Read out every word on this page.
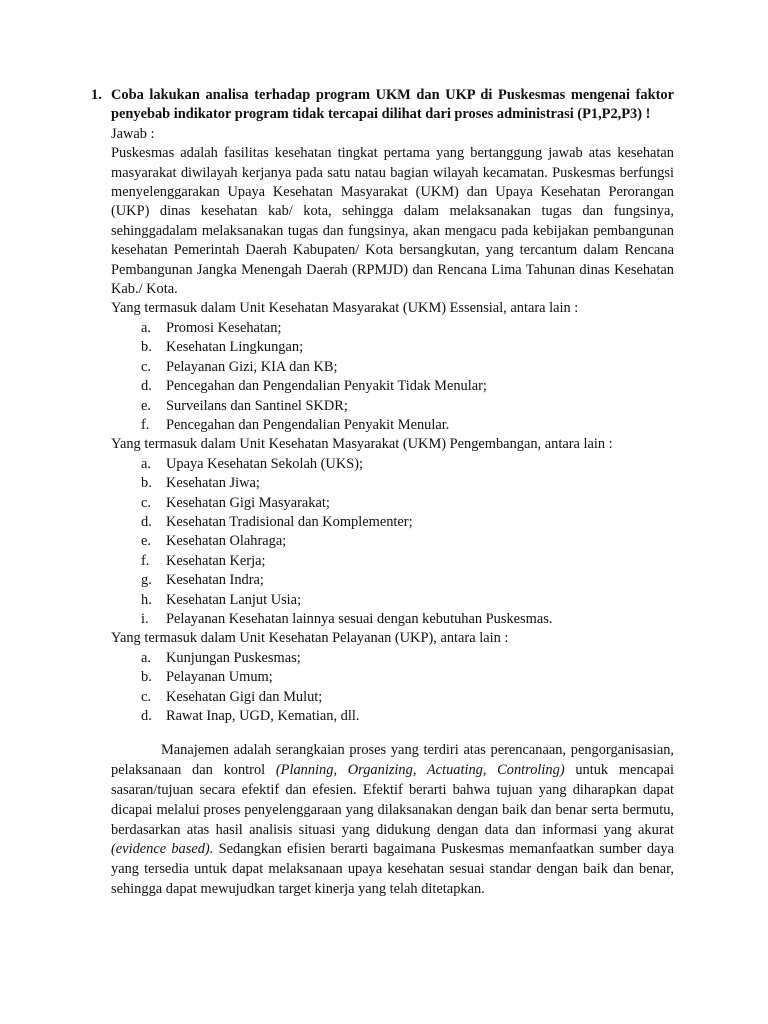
1. Coba lakukan analisa terhadap program UKM dan UKP di Puskesmas mengenai faktor penyebab indikator program tidak tercapai dilihat dari proses administrasi (P1,P2,P3) !

Jawab :

Puskesmas adalah fasilitas kesehatan tingkat pertama yang bertanggung jawab atas kesehatan masyarakat diwilayah kerjanya pada satu natau bagian wilayah kecamatan. Puskesmas berfungsi menyelenggarakan Upaya Kesehatan Masyarakat (UKM) dan Upaya Kesehatan Perorangan (UKP) dinas kesehatan kab/ kota, sehingga dalam melaksanakan tugas dan fungsinya, sehinggadalam melaksanakan tugas dan fungsinya, akan mengacu pada kebijakan pembangunan kesehatan Pemerintah Daerah Kabupaten/ Kota bersangkutan, yang tercantum dalam Rencana Pembangunan Jangka Menengah Daerah (RPMJD) dan Rencana Lima Tahunan dinas Kesehatan Kab./ Kota.

Yang termasuk dalam Unit Kesehatan Masyarakat (UKM) Essensial, antara lain :

a. Promosi Kesehatan;
b. Kesehatan Lingkungan;
c. Pelayanan Gizi, KIA dan KB;
d. Pencegahan dan Pengendalian Penyakit Tidak Menular;
e. Surveilans dan Santinel SKDR;
f. Pencegahan dan Pengendalian Penyakit Menular.

Yang termasuk dalam Unit Kesehatan Masyarakat (UKM) Pengembangan, antara lain :

a. Upaya Kesehatan Sekolah (UKS);
b. Kesehatan Jiwa;
c. Kesehatan Gigi Masyarakat;
d. Kesehatan Tradisional dan Komplementer;
e. Kesehatan Olahraga;
f. Kesehatan Kerja;
g. Kesehatan Indra;
h. Kesehatan Lanjut Usia;
i. Pelayanan Kesehatan lainnya sesuai dengan kebutuhan Puskesmas.

Yang termasuk dalam Unit Kesehatan Pelayanan (UKP), antara lain :

a. Kunjungan Puskesmas;
b. Pelayanan Umum;
c. Kesehatan Gigi dan Mulut;
d. Rawat Inap, UGD, Kematian, dll.

Manajemen adalah serangkaian proses yang terdiri atas perencanaan, pengorganisasian, pelaksanaan dan kontrol (Planning, Organizing, Actuating, Controling) untuk mencapai sasaran/tujuan secara efektif dan efesien. Efektif berarti bahwa tujuan yang diharapkan dapat dicapai melalui proses penyelenggaraan yang dilaksanakan dengan baik dan benar serta bermutu, berdasarkan atas hasil analisis situasi yang didukung dengan data dan informasi yang akurat (evidence based). Sedangkan efisien berarti bagaimana Puskesmas memanfaatkan sumber daya yang tersedia untuk dapat melaksanaan upaya kesehatan sesuai standar dengan baik dan benar, sehingga dapat mewujudkan target kinerja yang telah ditetapkan.
